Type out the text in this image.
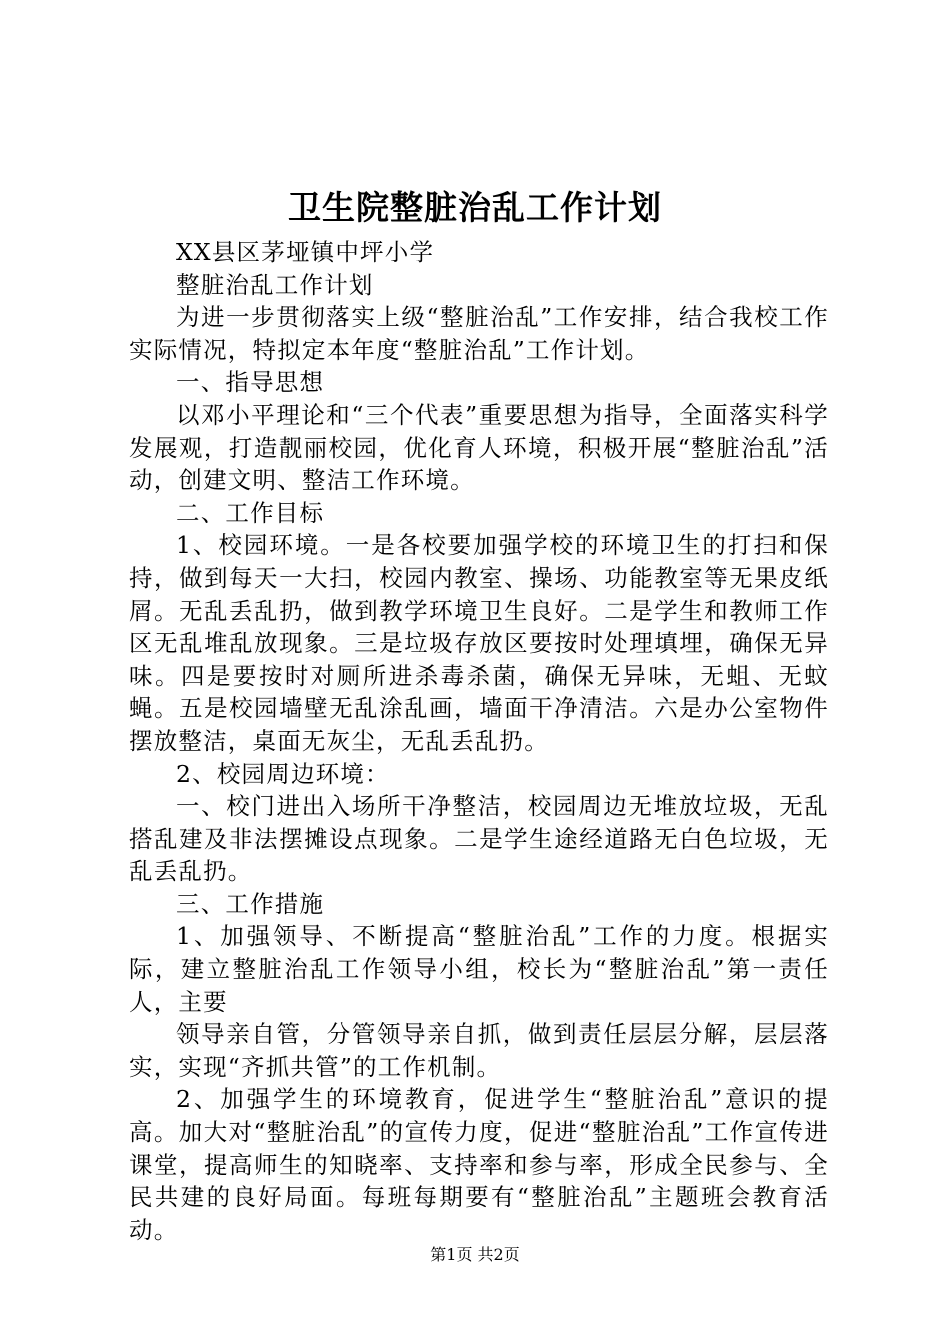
卫生院整脏治乱工作计划

XX县区茅垭镇中坪小学

整脏治乱工作计划

为进一步贯彻落实上级“整脏治乱”工作安排，结合我校工作实际情况，特拟定本年度“整脏治乱”工作计划。

一、指导思想

以邓小平理论和“三个代表”重要思想为指导，全面落实科学发展观，打造靓丽校园，优化育人环境，积极开展“整脏治乱”活动，创建文明、整洁工作环境。

二、工作目标

1、校园环境。一是各校要加强学校的环境卫生的打扫和保持，做到每天一大扫，校园内教室、操场、功能教室等无果皮纸屑。无乱丢乱扔，做到教学环境卫生良好。二是学生和教师工作区无乱堆乱放现象。三是垃圾存放区要按时处理填埋，确保无异味。四是要按时对厕所进杀毒杀菌，确保无异味，无蛆、无蚊蝇。五是校园墙壁无乱涂乱画，墙面干净清洁。六是办公室物件摆放整洁，桌面无灰尘，无乱丢乱扔。

2、校园周边环境：

一、校门进出入场所干净整洁，校园周边无堆放垃圾，无乱搭乱建及非法摆摊设点现象。二是学生途经道路无白色垃圾，无乱丢乱扔。

三、工作措施

1、加强领导、不断提高“整脏治乱”工作的力度。根据实际，建立整脏治乱工作领导小组，校长为“整脏治乱”第一责任人，主要

领导亲自管，分管领导亲自抓，做到责任层层分解，层层落实，实现“齐抓共管”的工作机制。

2、加强学生的环境教育，促进学生“整脏治乱”意识的提高。加大对“整脏治乱”的宣传力度，促进“整脏治乱”工作宣传进课堂，提高师生的知晓率、支持率和参与率，形成全民参与、全民共建的良好局面。每班每期要有“整脏治乱”主题班会教育活动。

第1页 共2页
